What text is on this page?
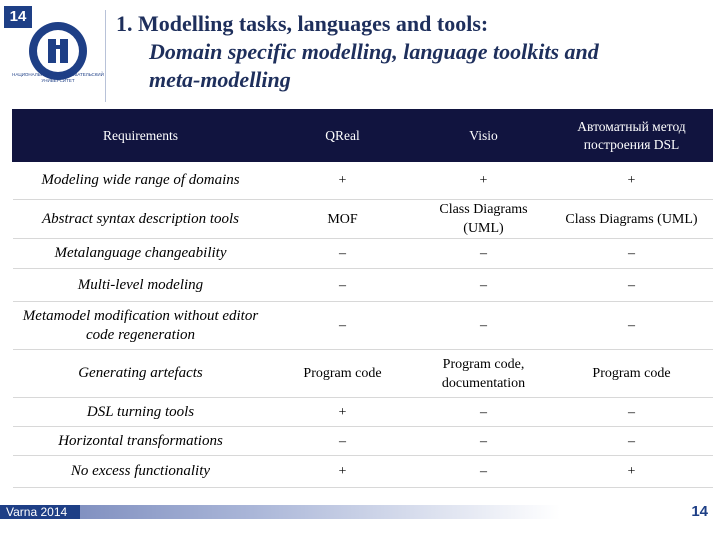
14
НАЦИОНАЛЬНЫЙ ИССЛЕДОВАТЕЛЬСКИЙ
УНИВЕРСИТЕТ
1. Modelling tasks, languages and tools:
Domain specific modelling, language toolkits and
meta-modelling
Requirements	QReal	Visio	Автоматный метод построения DSL
Modeling wide range of domains	+	+	+
Abstract syntax description tools	MOF	Class Diagrams (UML)	Class Diagrams (UML)
Metalanguage changeability	–	–	–
Multi-level modeling	–	–	–
Metamodel modification without editor code regeneration	–	–	–
Generating artefacts	Program code	Program code, documentation	Program code
DSL turning tools	+	–	–
Horizontal transformations	–	–	–
No excess functionality	+	–	+
Varna 2014	14
